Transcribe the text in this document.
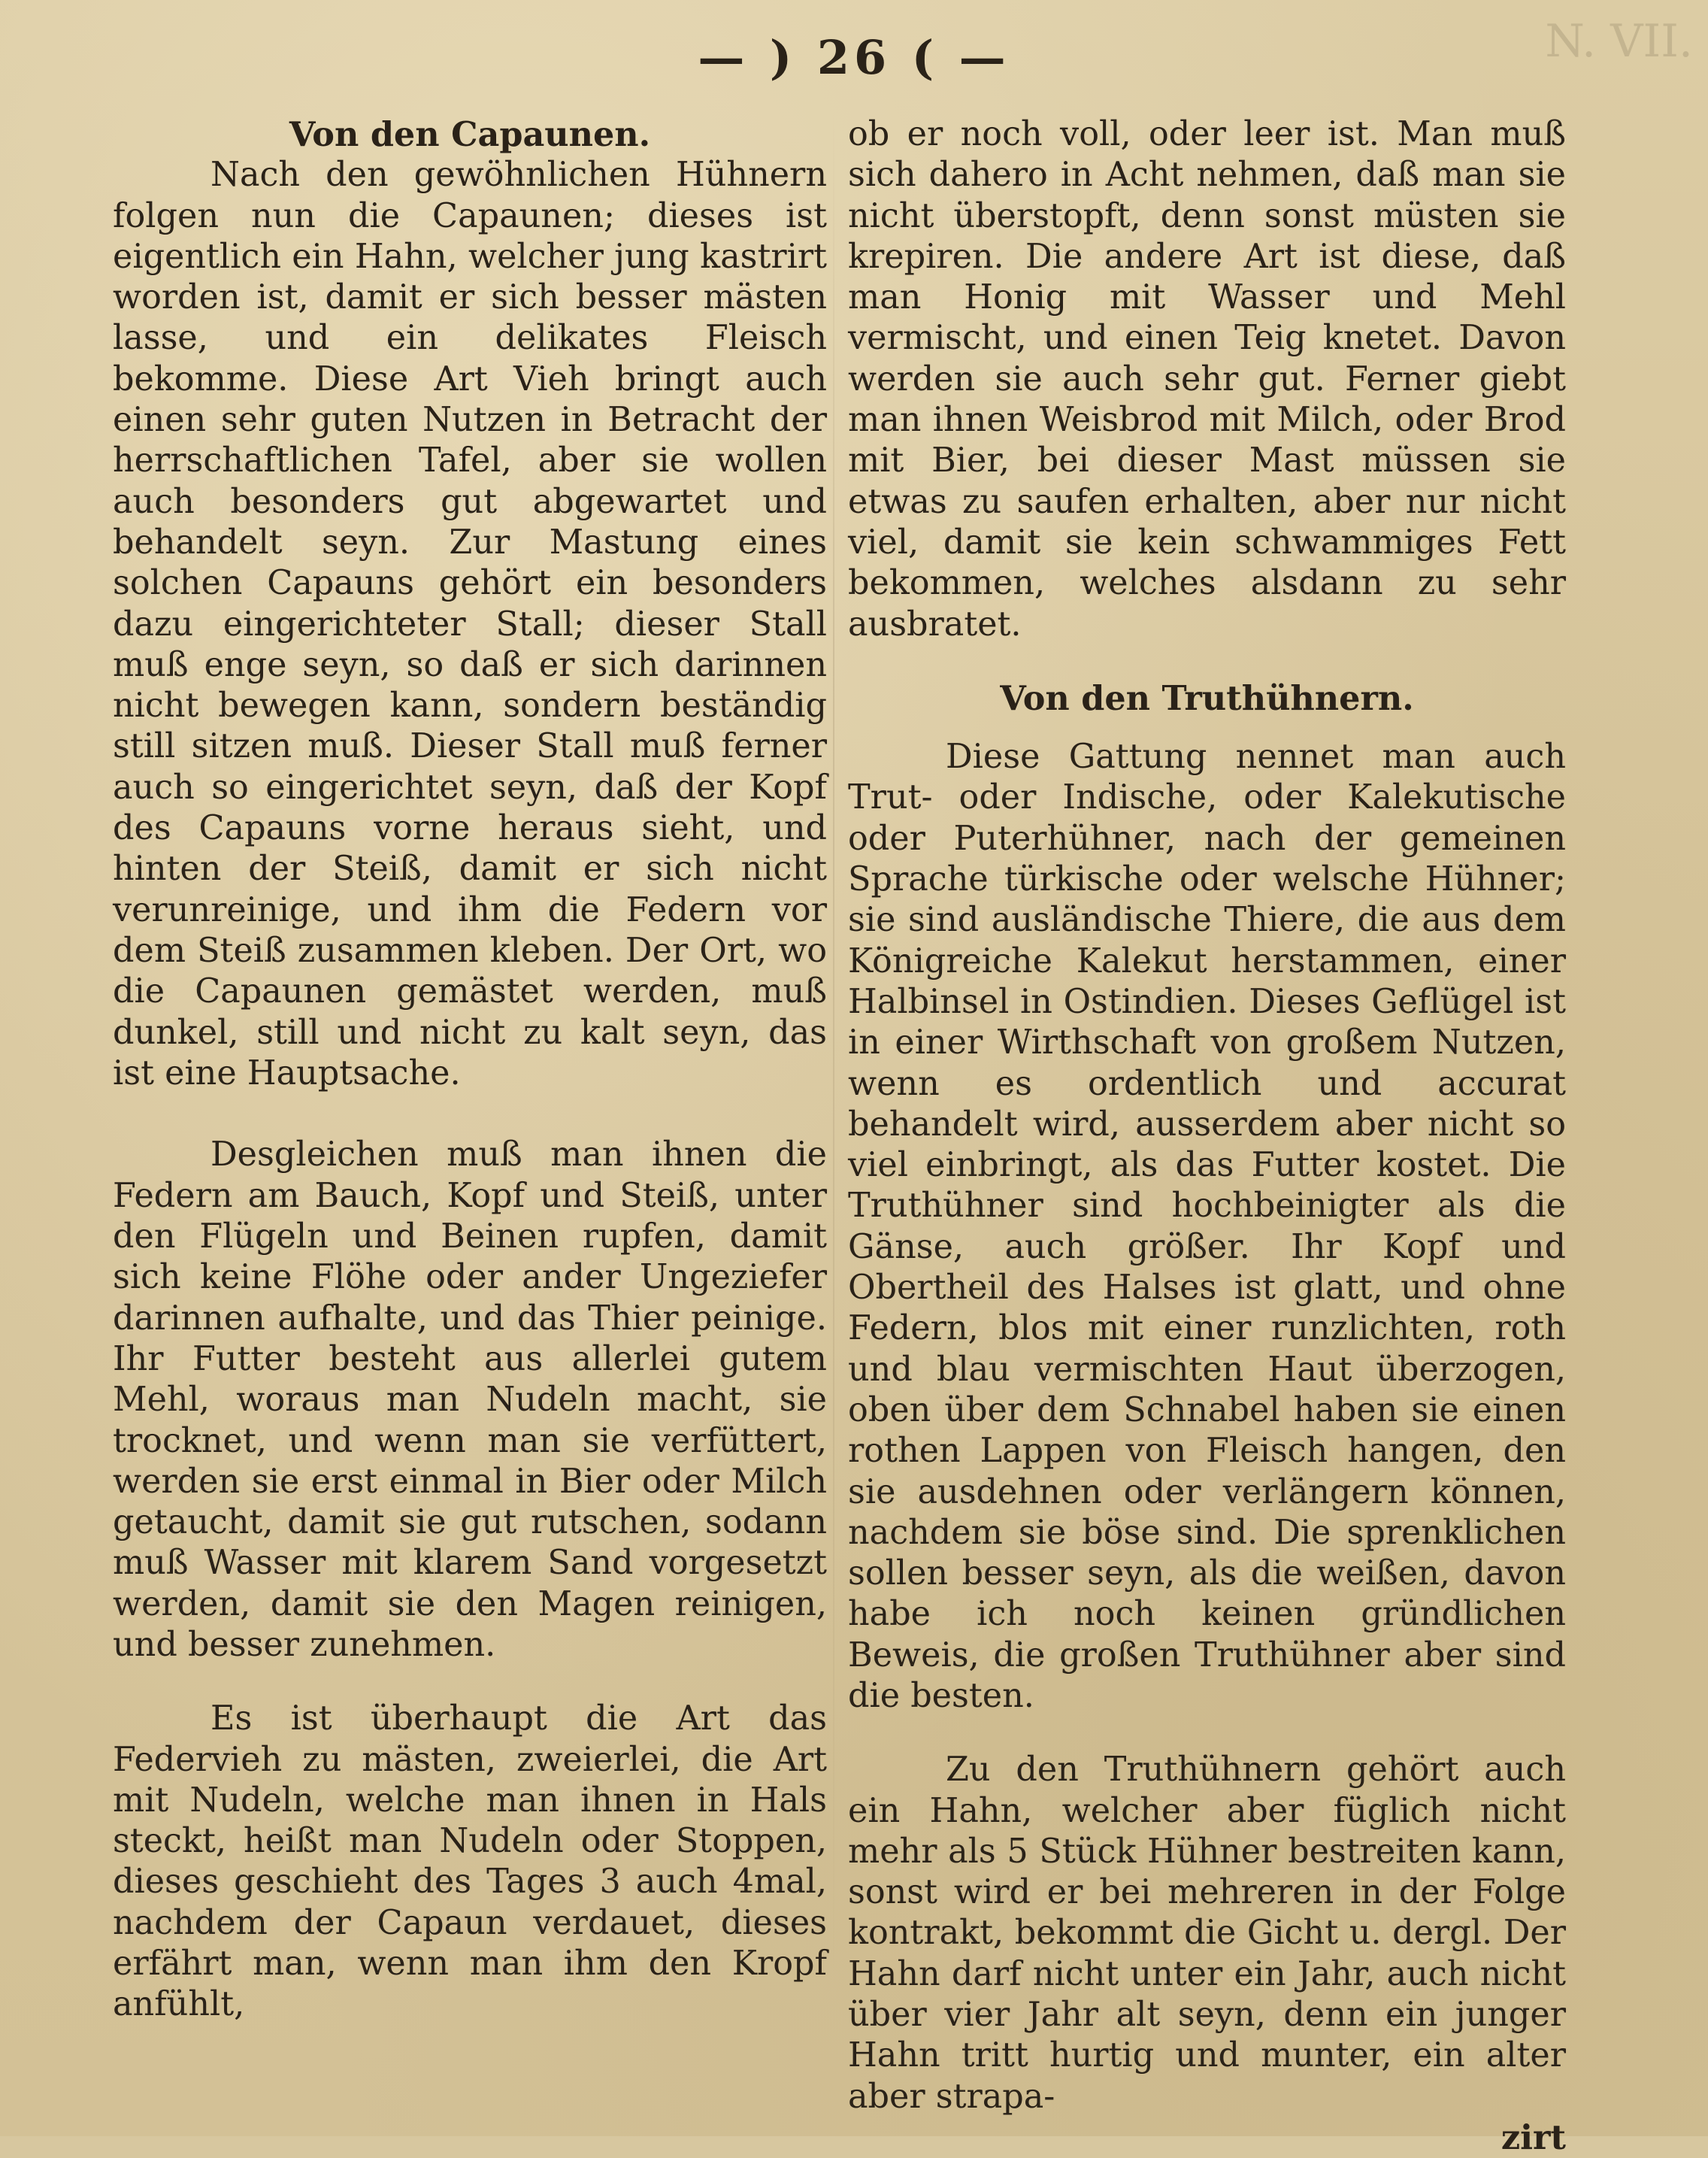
N. VII.
— ) 26 ( —

Von den Capaunen.

Nach den gewöhnlichen Hühnern folgen nun die Capaunen; dieses ist eigentlich ein Hahn, welcher jung kastrirt worden ist, damit er sich besser mästen lasse, und ein delikates Fleisch bekomme. Diese Art Vieh bringt auch einen sehr guten Nutzen in Betracht der herrschaftlichen Tafel, aber sie wollen auch besonders gut abgewartet und behandelt seyn. Zur Mastung eines solchen Capauns gehört ein besonders dazu eingerichteter Stall; dieser Stall muß enge seyn, so daß er sich darinnen nicht bewegen kann, sondern beständig still sitzen muß. Dieser Stall muß ferner auch so eingerichtet seyn, daß der Kopf des Capauns vorne heraus sieht, und hinten der Steiß, damit er sich nicht verunreinige, und ihm die Federn vor dem Steiß zusammen kleben. Der Ort, wo die Capaunen gemästet werden, muß dunkel, still und nicht zu kalt seyn, das ist eine Hauptsache.

Desgleichen muß man ihnen die Federn am Bauch, Kopf und Steiß, unter den Flügeln und Beinen rupfen, damit sich keine Flöhe oder ander Ungeziefer darinnen aufhalte, und das Thier peinige. Ihr Futter besteht aus allerlei gutem Mehl, woraus man Nudeln macht, sie trocknet, und wenn man sie verfüttert, werden sie erst einmal in Bier oder Milch getaucht, damit sie gut rutschen, sodann muß Wasser mit klarem Sand vorgesetzt werden, damit sie den Magen reinigen, und besser zunehmen.

Es ist überhaupt die Art das Federvieh zu mästen, zweierlei, die Art mit Nudeln, welche man ihnen in Hals steckt, heißt man Nudeln oder Stoppen, dieses geschieht des Tages 3 auch 4mal, nachdem der Capaun verdauet, dieses erfährt man, wenn man ihm den Kropf anfühlt,

ob er noch voll, oder leer ist. Man muß sich dahero in Acht nehmen, daß man sie nicht überstopft, denn sonst müsten sie krepiren. Die andere Art ist diese, daß man Honig mit Wasser und Mehl vermischt, und einen Teig knetet. Davon werden sie auch sehr gut. Ferner giebt man ihnen Weisbrod mit Milch, oder Brod mit Bier, bei dieser Mast müssen sie etwas zu saufen erhalten, aber nur nicht viel, damit sie kein schwammiges Fett bekommen, welches alsdann zu sehr ausbratet.

Von den Truthühnern.

Diese Gattung nennet man auch Trut- oder Indische, oder Kalekutische oder Puterhühner, nach der gemeinen Sprache türkische oder welsche Hühner; sie sind ausländische Thiere, die aus dem Königreiche Kalekut herstammen, einer Halbinsel in Ostindien. Dieses Geflügel ist in einer Wirthschaft von großem Nutzen, wenn es ordentlich und accurat behandelt wird, ausserdem aber nicht so viel einbringt, als das Futter kostet. Die Truthühner sind hochbeinigter als die Gänse, auch größer. Ihr Kopf und Obertheil des Halses ist glatt, und ohne Federn, blos mit einer runzlichten, roth und blau vermischten Haut überzogen, oben über dem Schnabel haben sie einen rothen Lappen von Fleisch hangen, den sie ausdehnen oder verlängern können, nachdem sie böse sind. Die sprenklichen sollen besser seyn, als die weißen, davon habe ich noch keinen gründlichen Beweis, die großen Truthühner aber sind die besten.

Zu den Truthühnern gehört auch ein Hahn, welcher aber füglich nicht mehr als 5 Stück Hühner bestreiten kann, sonst wird er bei mehreren in der Folge kontrakt, bekommt die Gicht u. dergl. Der Hahn darf nicht unter ein Jahr, auch nicht über vier Jahr alt seyn, denn ein junger Hahn tritt hurtig und munter, ein alter aber strapa-

zirt
